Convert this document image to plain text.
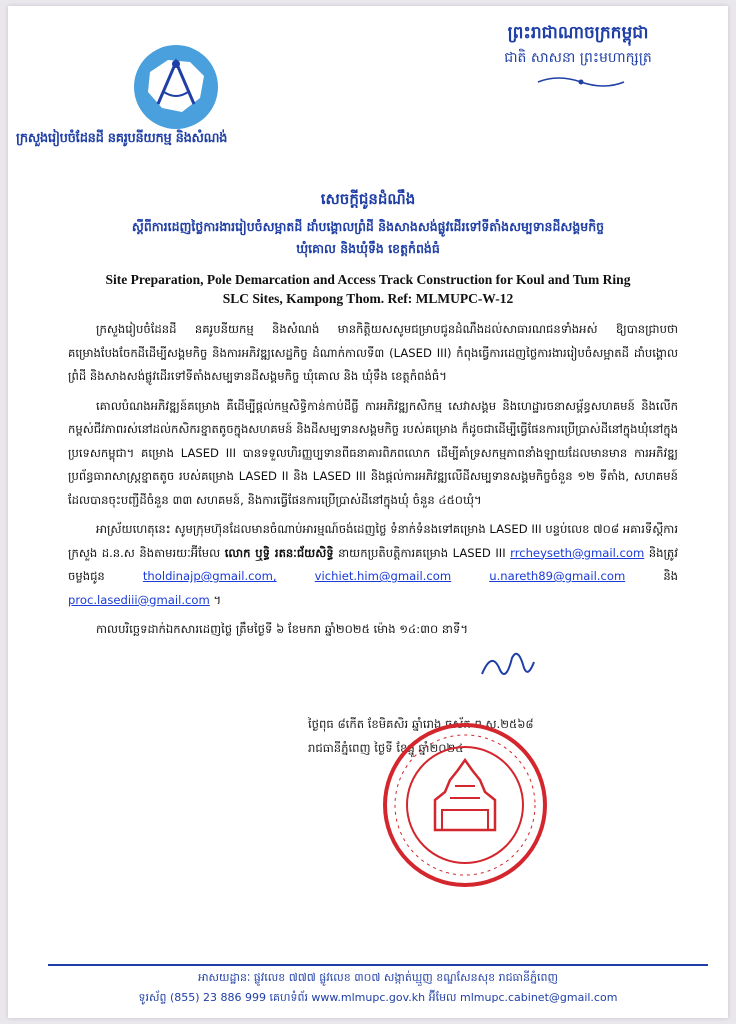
ក្រសួងរៀបចំដែនដី នគរូបនីយកម្ម និងសំណង់
ព្រះរាជាណាចក្រកម្ពុជា
ជាតិ សាសនា ព្រះមហាក្សត្រ
សេចក្តីជូនដំណឹង
ស្តីពីការដេញថ្លៃការងាររៀបចំសម្អាតដី ដាំបង្គោលព្រំដី និងសាងសង់ផ្លូវដើរទៅទីតាំងសម្បទានដីសង្គមកិច្ច
ឃុំគោល និងឃុំទឹង ខេត្តកំពង់ធំ
Site Preparation, Pole Demarcation and Access Track Construction for Koul and Tum Ring
SLC Sites, Kampong Thom. Ref: MLMUPC-W-12

ក្រសួងរៀបចំដែនដី នគរូបនីយកម្ម និងសំណង់ មានកិត្តិយសសូមជម្រាបជូនដំណឹងដល់សាធារណជនទាំងអស់ ឱ្យបានជ្រាបថា គម្រោងបែងចែកដីដើម្បីសង្គមកិច្ច និងការអភិវឌ្ឍសេដ្ឋកិច្ច ដំណាក់កាលទី៣ (LASED III) កំពុងធ្វើការដេញថ្លៃការងាររៀបចំសម្អាតដី ដាំបង្គោលព្រំដី និងសាងសង់ផ្លូវដើរទៅទីតាំងសម្បទានដីសង្គមកិច្ច ឃុំគោល និង ឃុំទឹង ខេត្តកំពង់ធំ។

គោលបំណងអភិវឌ្ឍន៍គម្រោង គឺដើម្បីផ្តល់កម្មសិទ្ធិកាន់កាប់ដីធ្លី ការអភិវឌ្ឍកសិកម្ម សេវាសង្គម និងហេដ្ឋារចនាសម្ព័ន្ធសហគមន៍ និងលើកកម្ពស់ជីវភាពរស់នៅដល់កសិករខ្នាតតូចក្នុងសហគមន៍ និងដីសម្បទានសង្គមកិច្ច របស់គម្រោង ក៏ដូចជាដើម្បីធ្វើផែនការប្រើប្រាស់ដីនៅក្នុងឃុំនៅក្នុងប្រទេសកម្ពុជា។ គម្រោង LASED III បានទទួលហិរញ្ញប្បទានពីធនាគារពិភពលោក ដើម្បីគាំទ្រសកម្មភាពនាំងឡាយដែលមានមាន ការអភិវឌ្ឍប្រព័ន្ធធារាសាស្ត្រខ្នាតតូច របស់គម្រោង LASED II និង LASED III និងផ្តល់ការអភិវឌ្ឍលើដីសម្បទានសង្គមកិច្ចចំនួន ១២ ទីតាំង, សហគមន៍ដែលបានចុះបញ្ជីដីចំនួន ៣៣ សហគមន៍, និងការធ្វើផែនការប្រើប្រាស់ដីនៅក្នុងឃុំ ចំនួន ៤៥០ឃុំ។

អាស្រ័យហេតុនេះ សូមក្រុមហ៊ុនដែលមានចំណាប់អារម្មណ៍ចង់ដេញថ្លៃ ទំនាក់ទំនងទៅគម្រោង LASED III បន្ទប់លេខ ៧០៨ អគារទីស្តីការក្រសួង ដ.ន.ស និងតាមរយៈអ៊ីមែល លោក ឬទ្ធិ រតនៈជ័យសិទ្ធិ នាយកប្រតិបត្តិការគម្រោង LASED III rrcheyseth@gmail.com និងត្រូវចម្លងជូន	tholdinajp@gmail.com,	vichiet.him@gmail.com	u.nareth89@gmail.com	និង proc.lasediii@gmail.com ។

កាលបរិច្ឆេទដាក់ឯកសារដេញថ្លៃ ត្រឹមថ្ងៃទី ៦ ខែមករា ឆ្នាំ២០២៥ ម៉ោង ១៤:៣០ នាទី។

ថ្ងៃពុធ ៨កើត ខែមិគសិរ ឆ្នាំរោង ឆស័ក ព.ស.២៥៦៨
រាជធានីភ្នំពេញ ថ្ងៃទី ខែធ្នូ ឆ្នាំ២០២៤
អាសយដ្ឋានៈ ផ្លូវលេខ ៧៧៧ ផ្លូវលេខ ៣០៧ សង្កាត់ឃ្មួញ ខណ្ឌសែនសុខ រាជធានីភ្នំពេញ
ទូរស័ព្ទ (855) 23 886 999 គេហទំព័រ www.mlmupc.gov.kh អ៊ីមែល mlmupc.cabinet@gmail.com
